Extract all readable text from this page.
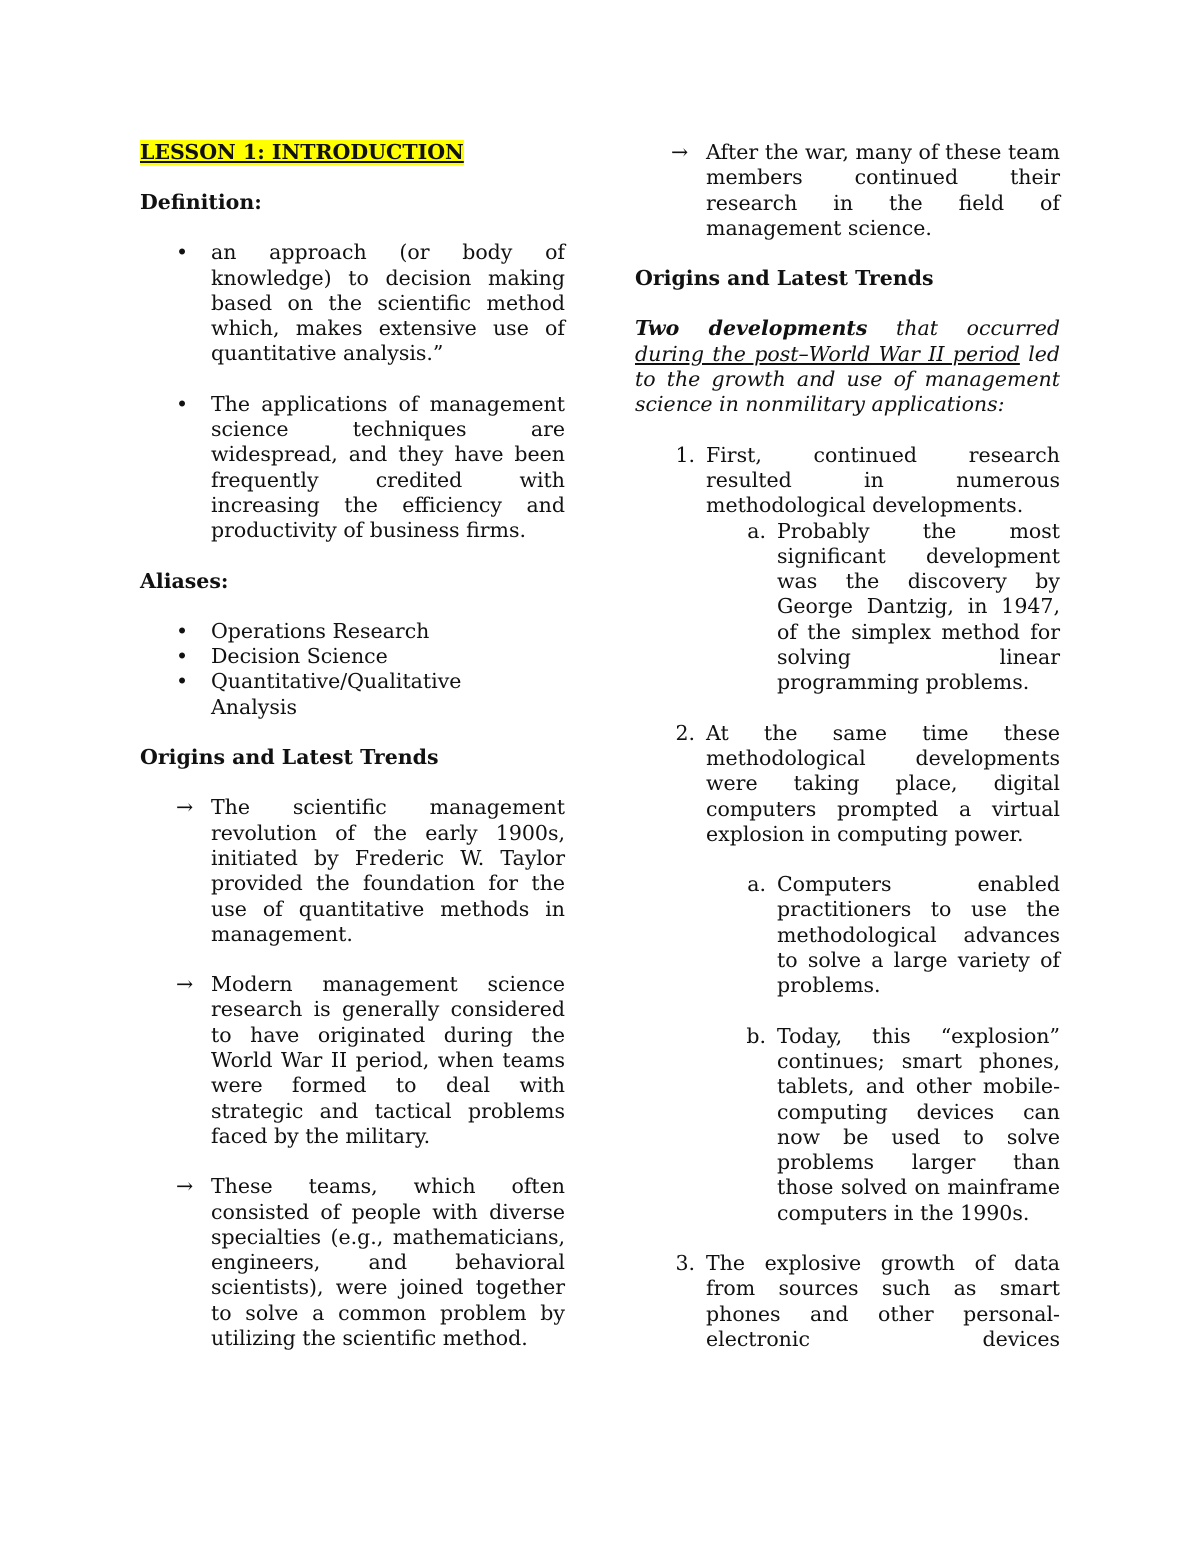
LESSON 1: INTRODUCTION

Definition:

• an approach (or body of knowledge) to decision making based on the scientific method which, makes extensive use of quantitative analysis.”

• The applications of management science techniques are widespread, and they have been frequently credited with increasing the efficiency and productivity of business firms.

Aliases:

• Operations Research

• Decision Science

• Quantitative/Qualitative Analysis

Origins and Latest Trends

→ The scientific management revolution of the early 1900s, initiated by Frederic W. Taylor provided the foundation for the use of quantitative methods in management.

→ Modern management science research is generally considered to have originated during the World War II period, when teams were formed to deal with strategic and tactical problems faced by the military.

→ These teams, which often consisted of people with diverse specialties (e.g., mathematicians, engineers, and behavioral scientists), were joined together to solve a common problem by utilizing the scientific method.

→ After the war, many of these team members continued their research in the field of management science.

Origins and Latest Trends

Two developments that occurred during the post–World War II period led to the growth and use of management science in nonmilitary applications:

1. First, continued research resulted in numerous methodological developments.

a. Probably the most significant development was the discovery by George Dantzig, in 1947, of the simplex method for solving linear programming problems.

2. At the same time these methodological developments were taking place, digital computers prompted a virtual explosion in computing power.

a. Computers enabled practitioners to use the methodological advances to solve a large variety of problems.

b. Today, this “explosion” continues; smart phones, tablets, and other mobile-computing devices can now be used to solve problems larger than those solved on mainframe computers in the 1990s.

3. The explosive growth of data from sources such as smart phones and other personal-electronic devices
